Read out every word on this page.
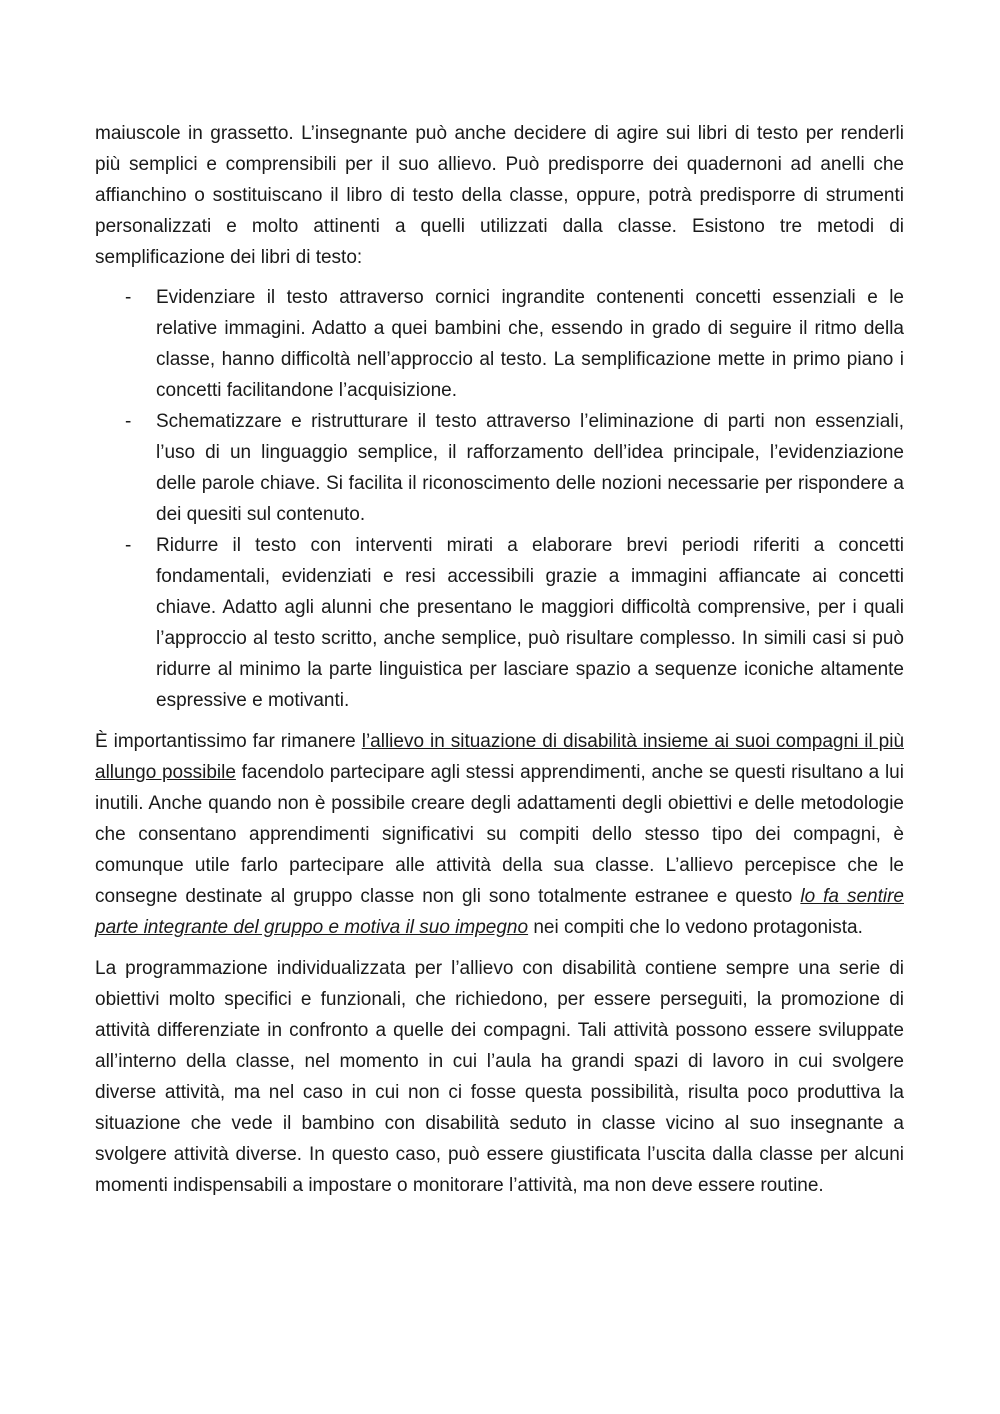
maiuscole in grassetto. L’insegnante può anche decidere di agire sui libri di testo per renderli più semplici e comprensibili per il suo allievo. Può predisporre dei quadernoni ad anelli che affianchino o sostituiscano il libro di testo della classe, oppure, potrà predisporre di strumenti personalizzati e molto attinenti a quelli utilizzati dalla classe. Esistono tre metodi di semplificazione dei libri di testo:

- Evidenziare il testo attraverso cornici ingrandite contenenti concetti essenziali e le relative immagini. Adatto a quei bambini che, essendo in grado di seguire il ritmo della classe, hanno difficoltà nell’approccio al testo. La semplificazione mette in primo piano i concetti facilitandone l’acquisizione.
- Schematizzare e ristrutturare il testo attraverso l’eliminazione di parti non essenziali, l’uso di un linguaggio semplice, il rafforzamento dell’idea principale, l’evidenziazione delle parole chiave. Si facilita il riconoscimento delle nozioni necessarie per rispondere a dei quesiti sul contenuto.
- Ridurre il testo con interventi mirati a elaborare brevi periodi riferiti a concetti fondamentali, evidenziati e resi accessibili grazie a immagini affiancate ai concetti chiave. Adatto agli alunni che presentano le maggiori difficoltà comprensive, per i quali l’approccio al testo scritto, anche semplice, può risultare complesso. In simili casi si può ridurre al minimo la parte linguistica per lasciare spazio a sequenze iconiche altamente espressive e motivanti.

È importantissimo far rimanere l’allievo in situazione di disabilità insieme ai suoi compagni il più allungo possibile facendolo partecipare agli stessi apprendimenti, anche se questi risultano a lui inutili. Anche quando non è possibile creare degli adattamenti degli obiettivi e delle metodologie che consentano apprendimenti significativi su compiti dello stesso tipo dei compagni, è comunque utile farlo partecipare alle attività della sua classe. L’allievo percepisce che le consegne destinate al gruppo classe non gli sono totalmente estranee e questo lo fa sentire parte integrante del gruppo e motiva il suo impegno nei compiti che lo vedono protagonista.

La programmazione individualizzata per l’allievo con disabilità contiene sempre una serie di obiettivi molto specifici e funzionali, che richiedono, per essere perseguiti, la promozione di attività differenziate in confronto a quelle dei compagni. Tali attività possono essere sviluppate all’interno della classe, nel momento in cui l’aula ha grandi spazi di lavoro in cui svolgere diverse attività, ma nel caso in cui non ci fosse questa possibilità, risulta poco produttiva la situazione che vede il bambino con disabilità seduto in classe vicino al suo insegnante a svolgere attività diverse. In questo caso, può essere giustificata l’uscita dalla classe per alcuni momenti indispensabili a impostare o monitorare l’attività, ma non deve essere routine.
